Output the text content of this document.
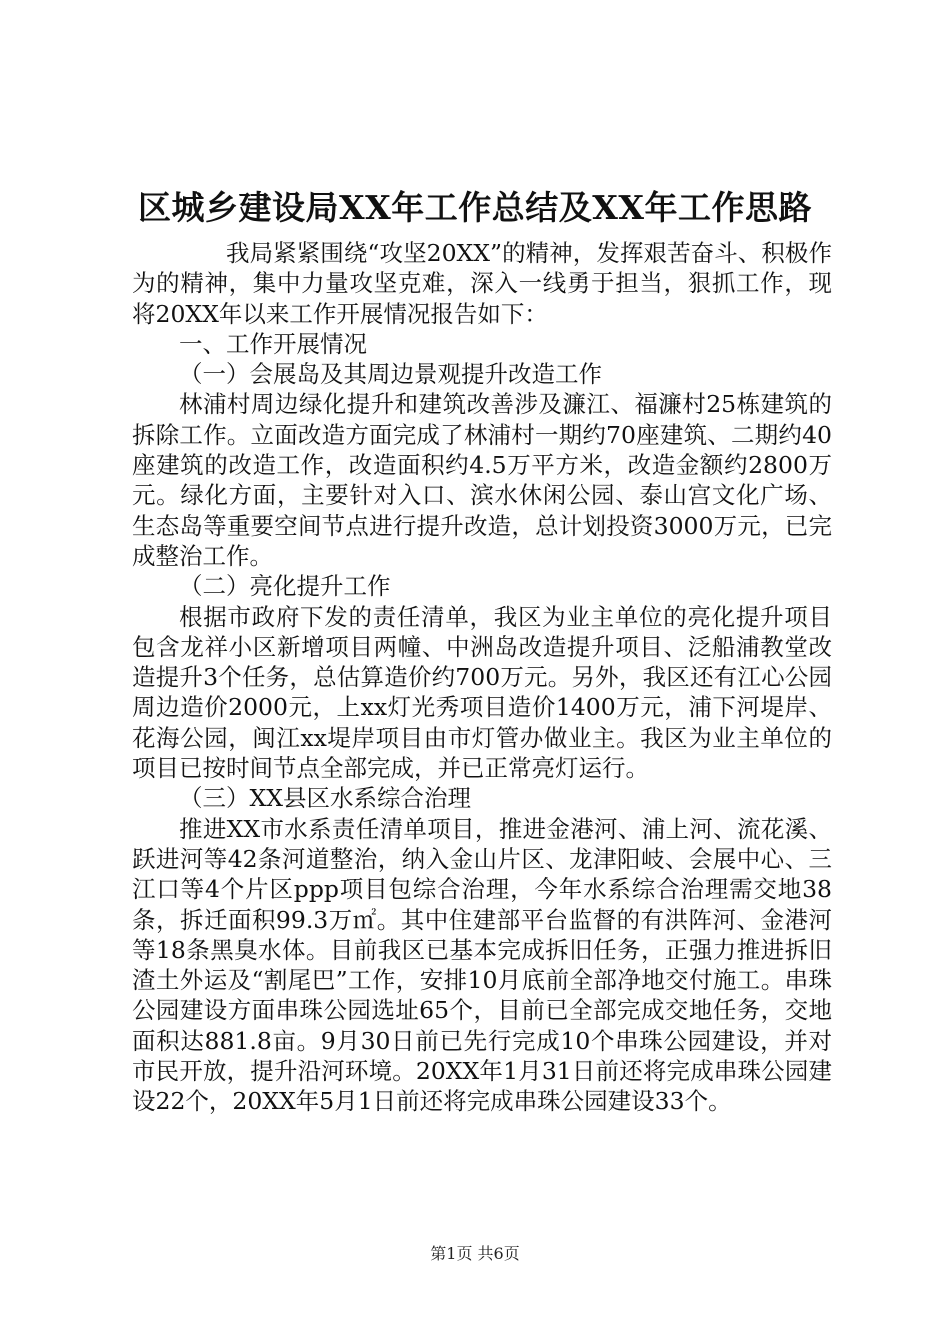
区城乡建设局XX年工作总结及XX年工作思路

我局紧紧围绕“攻坚20XX”的精神，发挥艰苦奋斗、积极作为的精神，集中力量攻坚克难，深入一线勇于担当，狠抓工作，现将20XX年以来工作开展情况报告如下：

一、工作开展情况

（一）会展岛及其周边景观提升改造工作

林浦村周边绿化提升和建筑改善涉及濂江、福濂村25栋建筑的拆除工作。立面改造方面完成了林浦村一期约70座建筑、二期约40座建筑的改造工作，改造面积约4.5万平方米，改造金额约2800万元。绿化方面，主要针对入口、滨水休闲公园、泰山宫文化广场、生态岛等重要空间节点进行提升改造，总计划投资3000万元，已完成整治工作。

（二）亮化提升工作

根据市政府下发的责任清单，我区为业主单位的亮化提升项目包含龙祥小区新增项目两幢、中洲岛改造提升项目、泛船浦教堂改造提升3个任务，总估算造价约700万元。另外，我区还有江心公园周边造价2000元，上xx灯光秀项目造价1400万元，浦下河堤岸、花海公园，闽江xx堤岸项目由市灯管办做业主。我区为业主单位的项目已按时间节点全部完成，并已正常亮灯运行。

（三）XX县区水系综合治理

推进XX市水系责任清单项目，推进金港河、浦上河、流花溪、跃进河等42条河道整治，纳入金山片区、龙津阳岐、会展中心、三江口等4个片区ppp项目包综合治理，今年水系综合治理需交地38条，拆迁面积99.3万㎡。其中住建部平台监督的有洪阵河、金港河等18条黑臭水体。目前我区已基本完成拆旧任务，正强力推进拆旧渣土外运及“割尾巴”工作，安排10月底前全部净地交付施工。串珠公园建设方面串珠公园选址65个，目前已全部完成交地任务，交地面积达881.8亩。9月30日前已先行完成10个串珠公园建设，并对市民开放，提升沿河环境。20XX年1月31日前还将完成串珠公园建设22个，20XX年5月1日前还将完成串珠公园建设33个。

第1页 共6页
